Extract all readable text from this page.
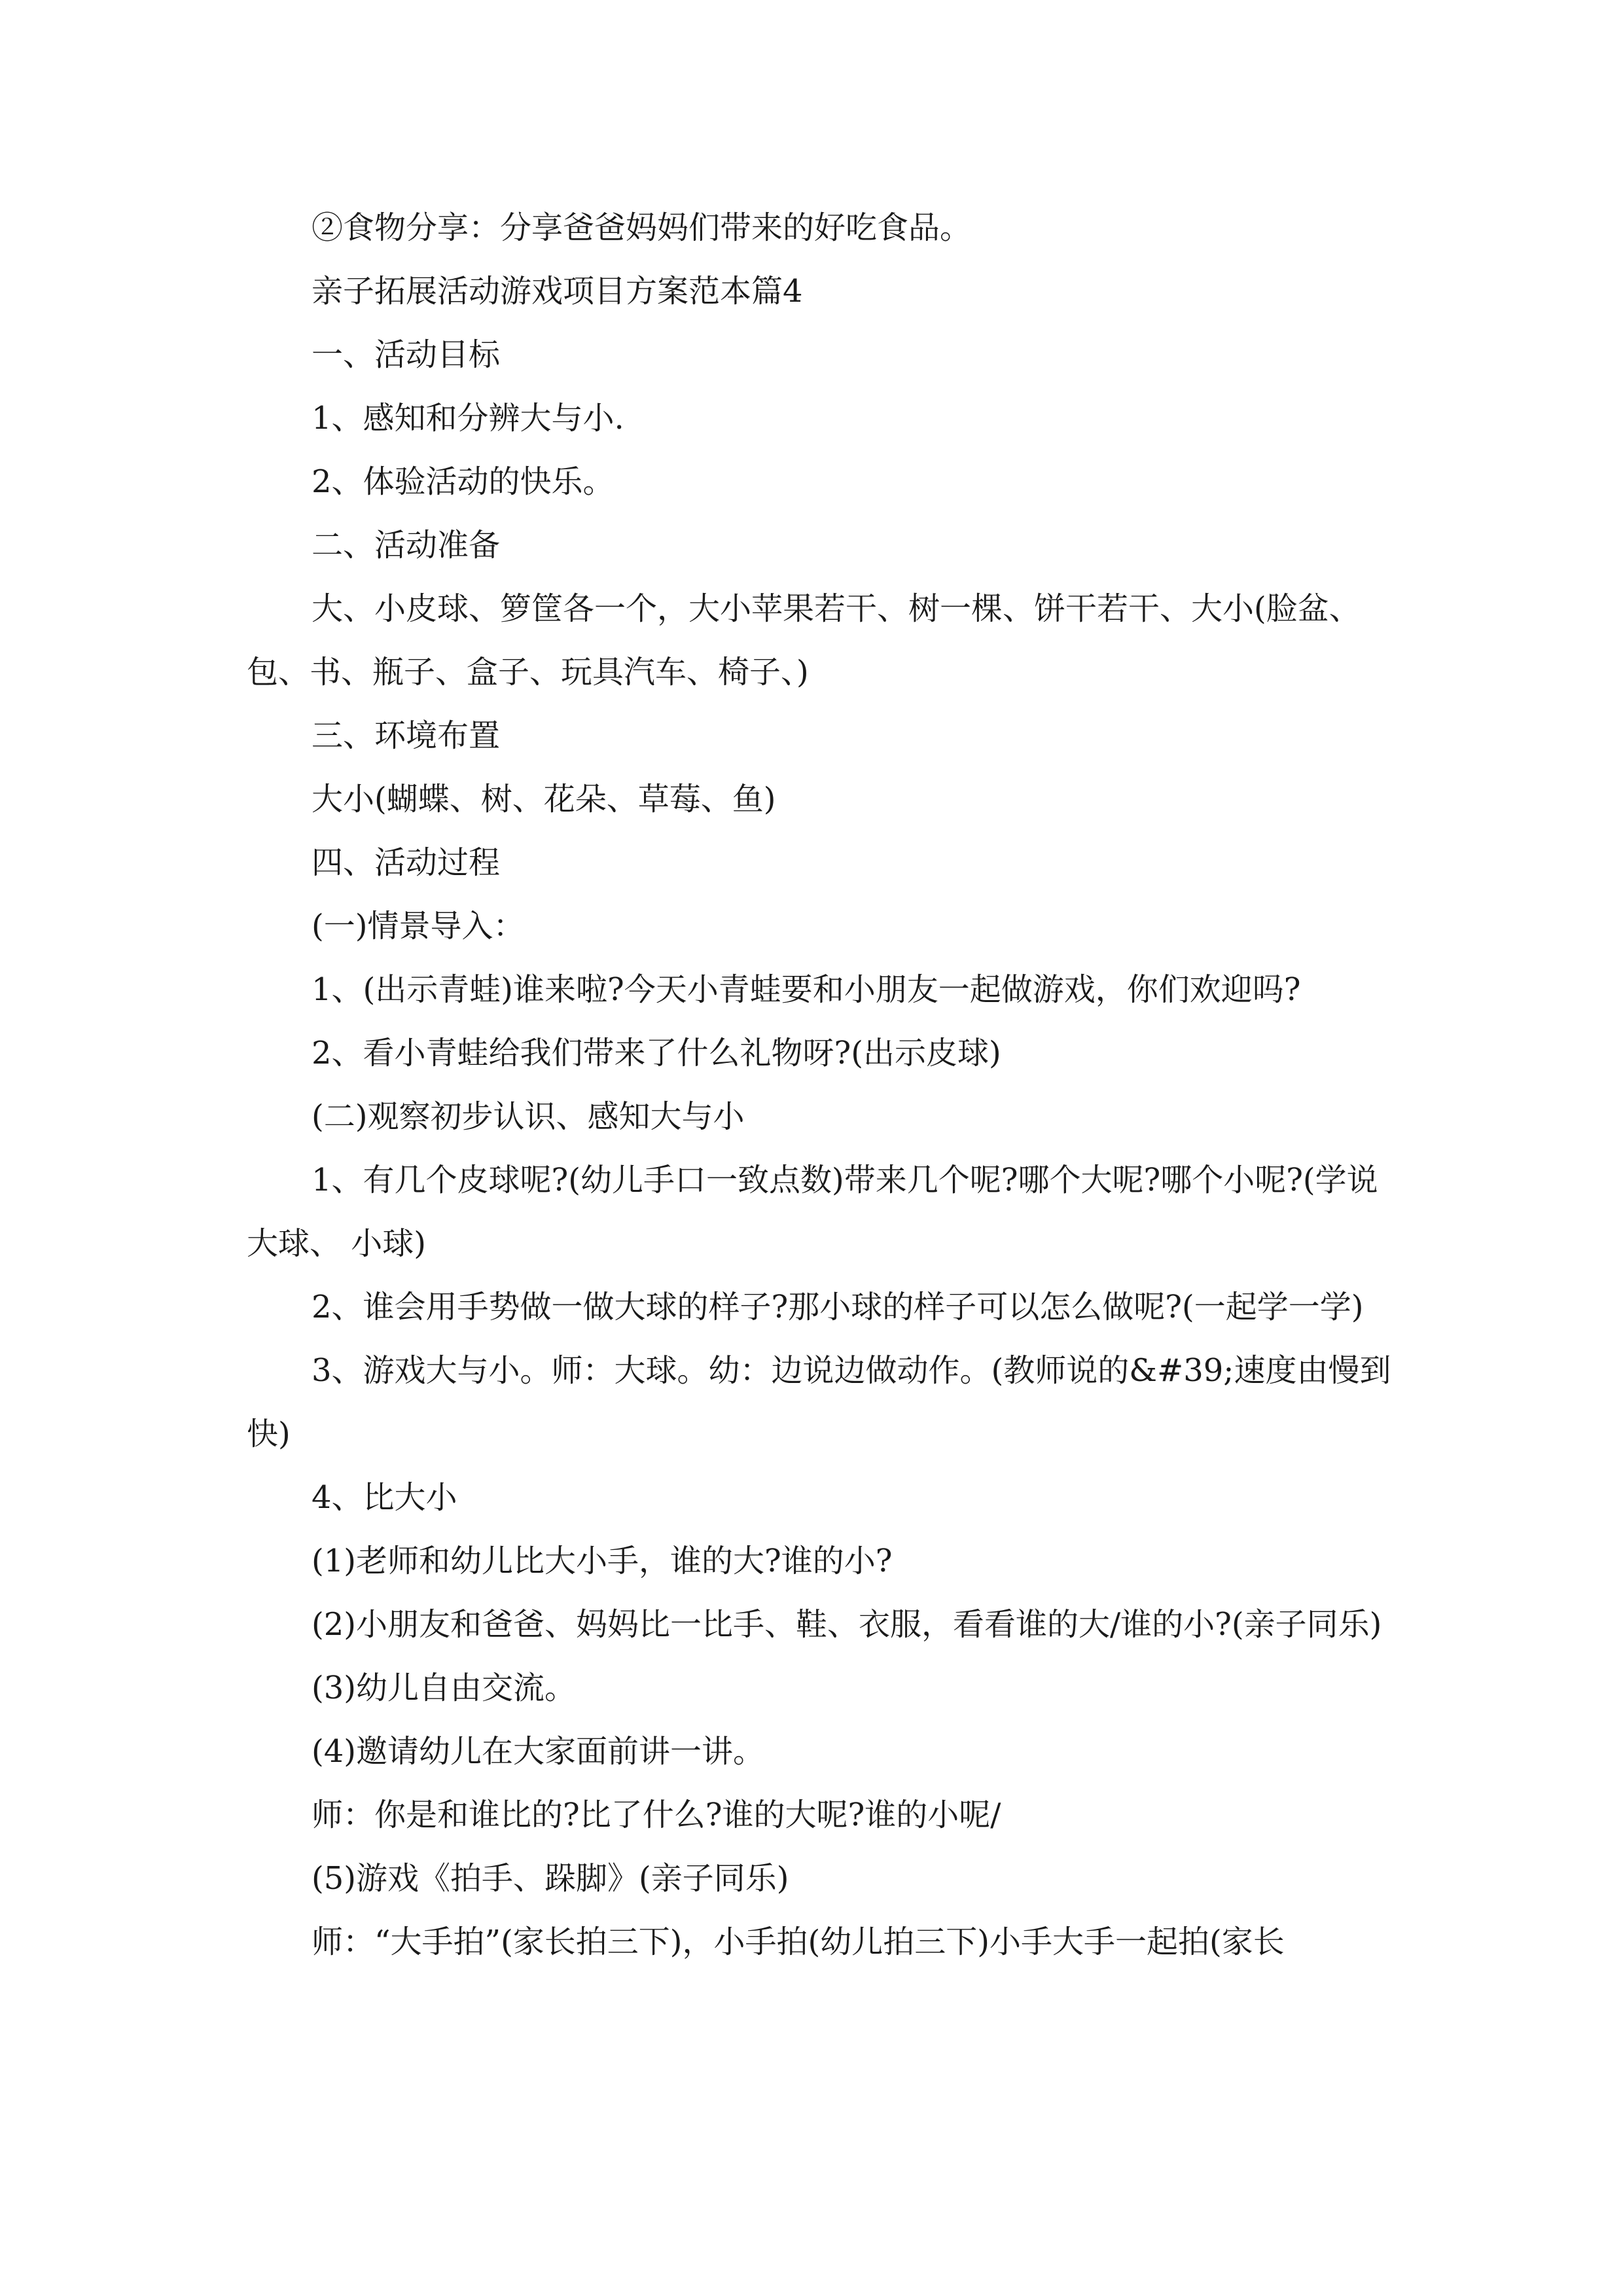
②食物分享：分享爸爸妈妈们带来的好吃食品。

亲子拓展活动游戏项目方案范本篇4

一、活动目标

1、感知和分辨大与小.

2、体验活动的快乐。

二、活动准备

大、小皮球、箩筐各一个，大小苹果若干、树一棵、饼干若干、大小(脸盆、包、书、瓶子、盒子、玩具汽车、椅子、)

三、环境布置

大小(蝴蝶、树、花朵、草莓、鱼)

四、活动过程

(一)情景导入：

1、(出示青蛙)谁来啦?今天小青蛙要和小朋友一起做游戏，你们欢迎吗?

2、看小青蛙给我们带来了什么礼物呀?(出示皮球)

(二)观察初步认识、感知大与小

1、有几个皮球呢?(幼儿手口一致点数)带来几个呢?哪个大呢?哪个小呢?(学说大球、 小球)

2、谁会用手势做一做大球的样子?那小球的样子可以怎么做呢?(一起学一学)

3、游戏大与小。师：大球。幼：边说边做动作。(教师说的&#39;速度由慢到快)

4、比大小

(1)老师和幼儿比大小手，谁的大?谁的小?

(2)小朋友和爸爸、妈妈比一比手、鞋、衣服，看看谁的大/谁的小?(亲子同乐)

(3)幼儿自由交流。

(4)邀请幼儿在大家面前讲一讲。

师：你是和谁比的?比了什么?谁的大呢?谁的小呢/

(5)游戏《拍手、跺脚》(亲子同乐)

师：“大手拍”(家长拍三下)，小手拍(幼儿拍三下)小手大手一起拍(家长
